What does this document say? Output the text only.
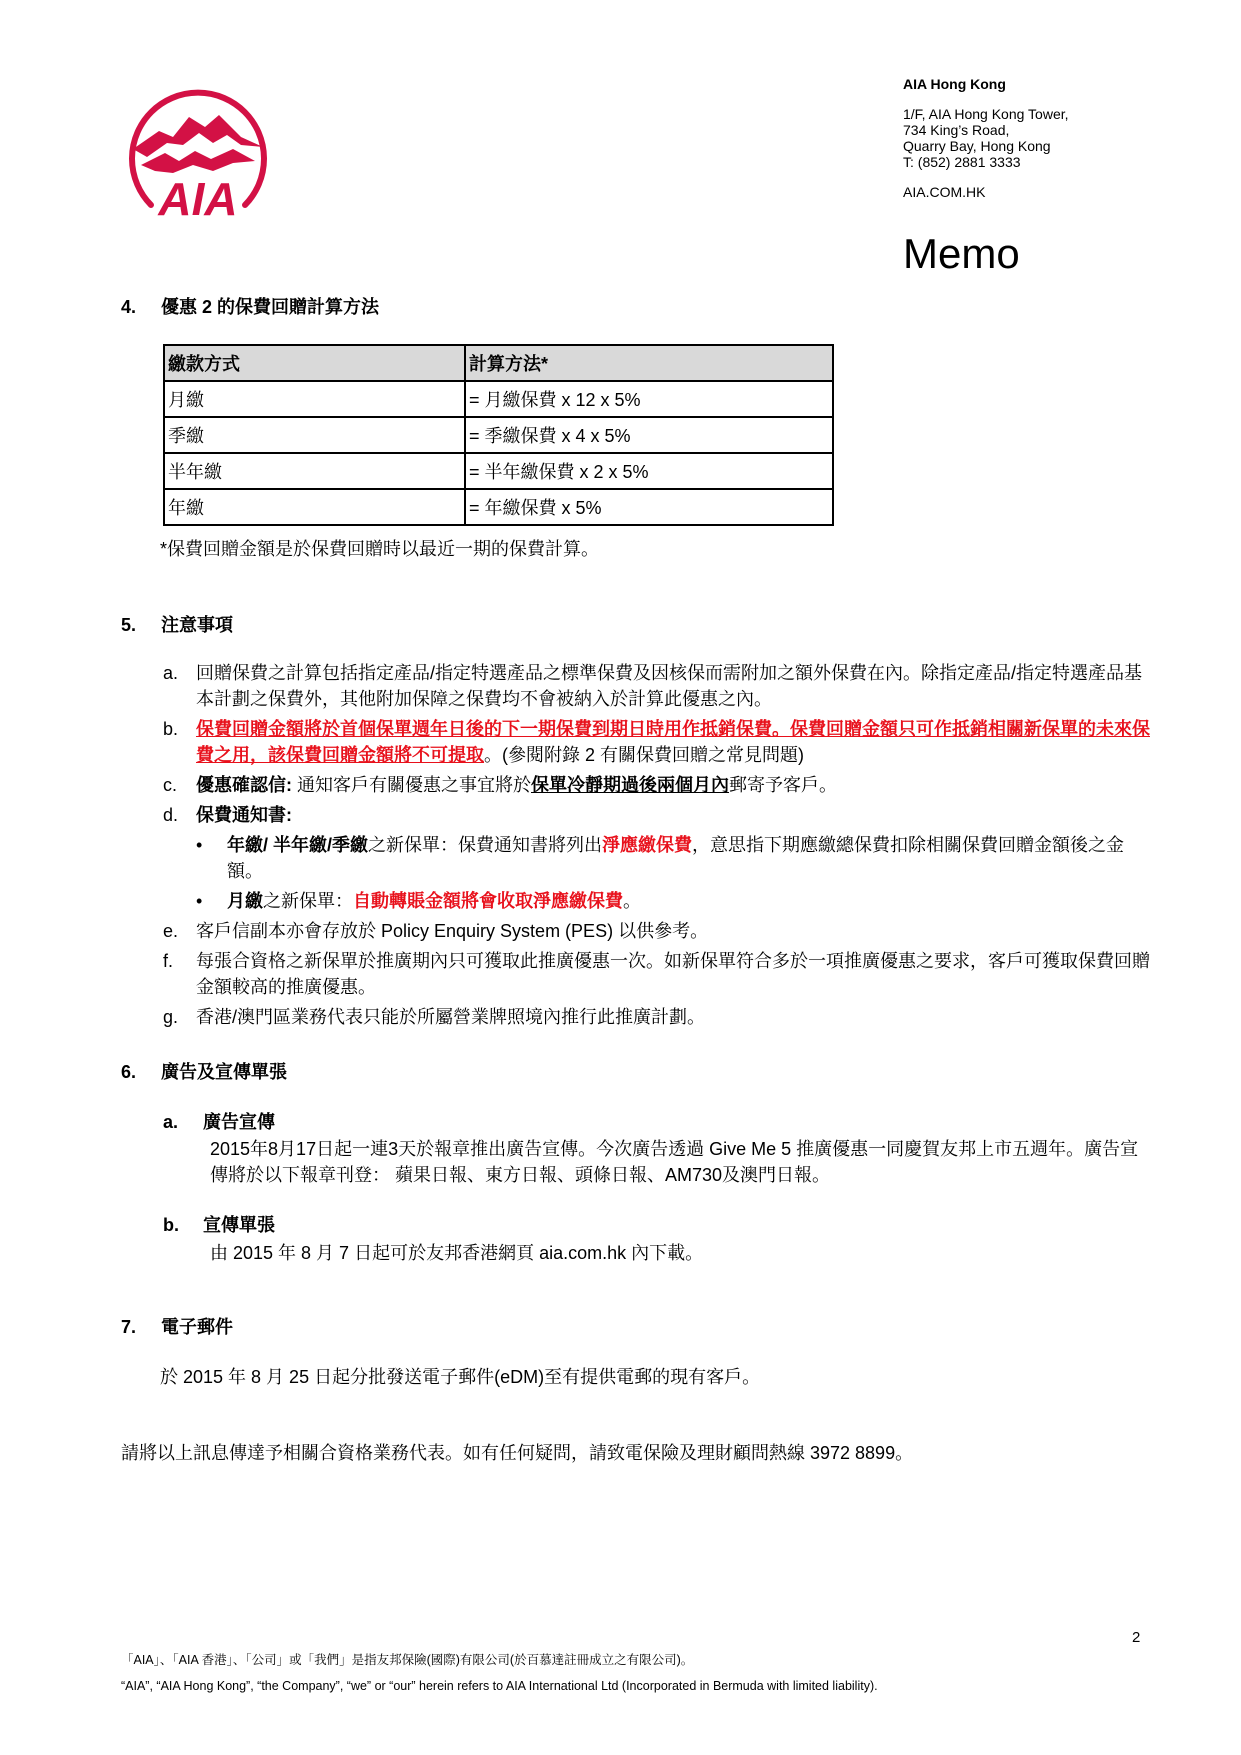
AIA
AIA Hong Kong
1/F, AIA Hong Kong Tower,
734 King’s Road,
Quarry Bay, Hong Kong
T: (852) 2881 3333
AIA.COM.HK
Memo
4. 優惠 2 的保費回贈計算方法
繳款方式	計算方法*
月繳	= 月繳保費 x 12 x 5%
季繳	= 季繳保費 x 4 x 5%
半年繳	= 半年繳保費 x 2 x 5%
年繳	= 年繳保費 x 5%
*保費回贈金額是於保費回贈時以最近一期的保費計算。
5. 注意事項
a. 回贈保費之計算包括指定產品/指定特選產品之標準保費及因核保而需附加之額外保費在內。除指定產品/指定特選產品基本計劃之保費外，其他附加保障之保費均不會被納入於計算此優惠之內。
b. 保費回贈金額將於首個保單週年日後的下一期保費到期日時用作抵銷保費。保費回贈金額只可作抵銷相關新保單的未來保費之用，該保費回贈金額將不可提取。(參閱附錄 2 有關保費回贈之常見問題)
c. 優惠確認信: 通知客戶有關優惠之事宜將於保單冷靜期過後兩個月內郵寄予客戶。
d. 保費通知書:
• 年繳/ 半年繳/季繳之新保單：保費通知書將列出淨應繳保費，意思指下期應繳總保費扣除相關保費回贈金額後之金額。
• 月繳之新保單：自動轉賬金額將會收取淨應繳保費。
e. 客戶信副本亦會存放於 Policy Enquiry System (PES) 以供參考。
f. 每張合資格之新保單於推廣期內只可獲取此推廣優惠一次。如新保單符合多於一項推廣優惠之要求，客戶可獲取保費回贈金額較高的推廣優惠。
g. 香港/澳門區業務代表只能於所屬營業牌照境內推行此推廣計劃。
6. 廣告及宣傳單張
a. 廣告宣傳
2015年8月17日起一連3天於報章推出廣告宣傳。今次廣告透過 Give Me 5 推廣優惠一同慶賀友邦上市五週年。廣告宣傳將於以下報章刊登： 蘋果日報、東方日報、頭條日報、AM730及澳門日報。
b. 宣傳單張
由 2015 年 8 月 7 日起可於友邦香港網頁 aia.com.hk 內下載。
7. 電子郵件
於 2015 年 8 月 25 日起分批發送電子郵件(eDM)至有提供電郵的現有客戶。
請將以上訊息傳達予相關合資格業務代表。如有任何疑問，請致電保險及理財顧問熱線 3972 8899。
2
「AIA」、「AIA 香港」、「公司」或「我們」是指友邦保險(國際)有限公司(於百慕達註冊成立之有限公司)。
“AIA”, “AIA Hong Kong”, “the Company”, “we” or “our” herein refers to AIA International Ltd (Incorporated in Bermuda with limited liability).
